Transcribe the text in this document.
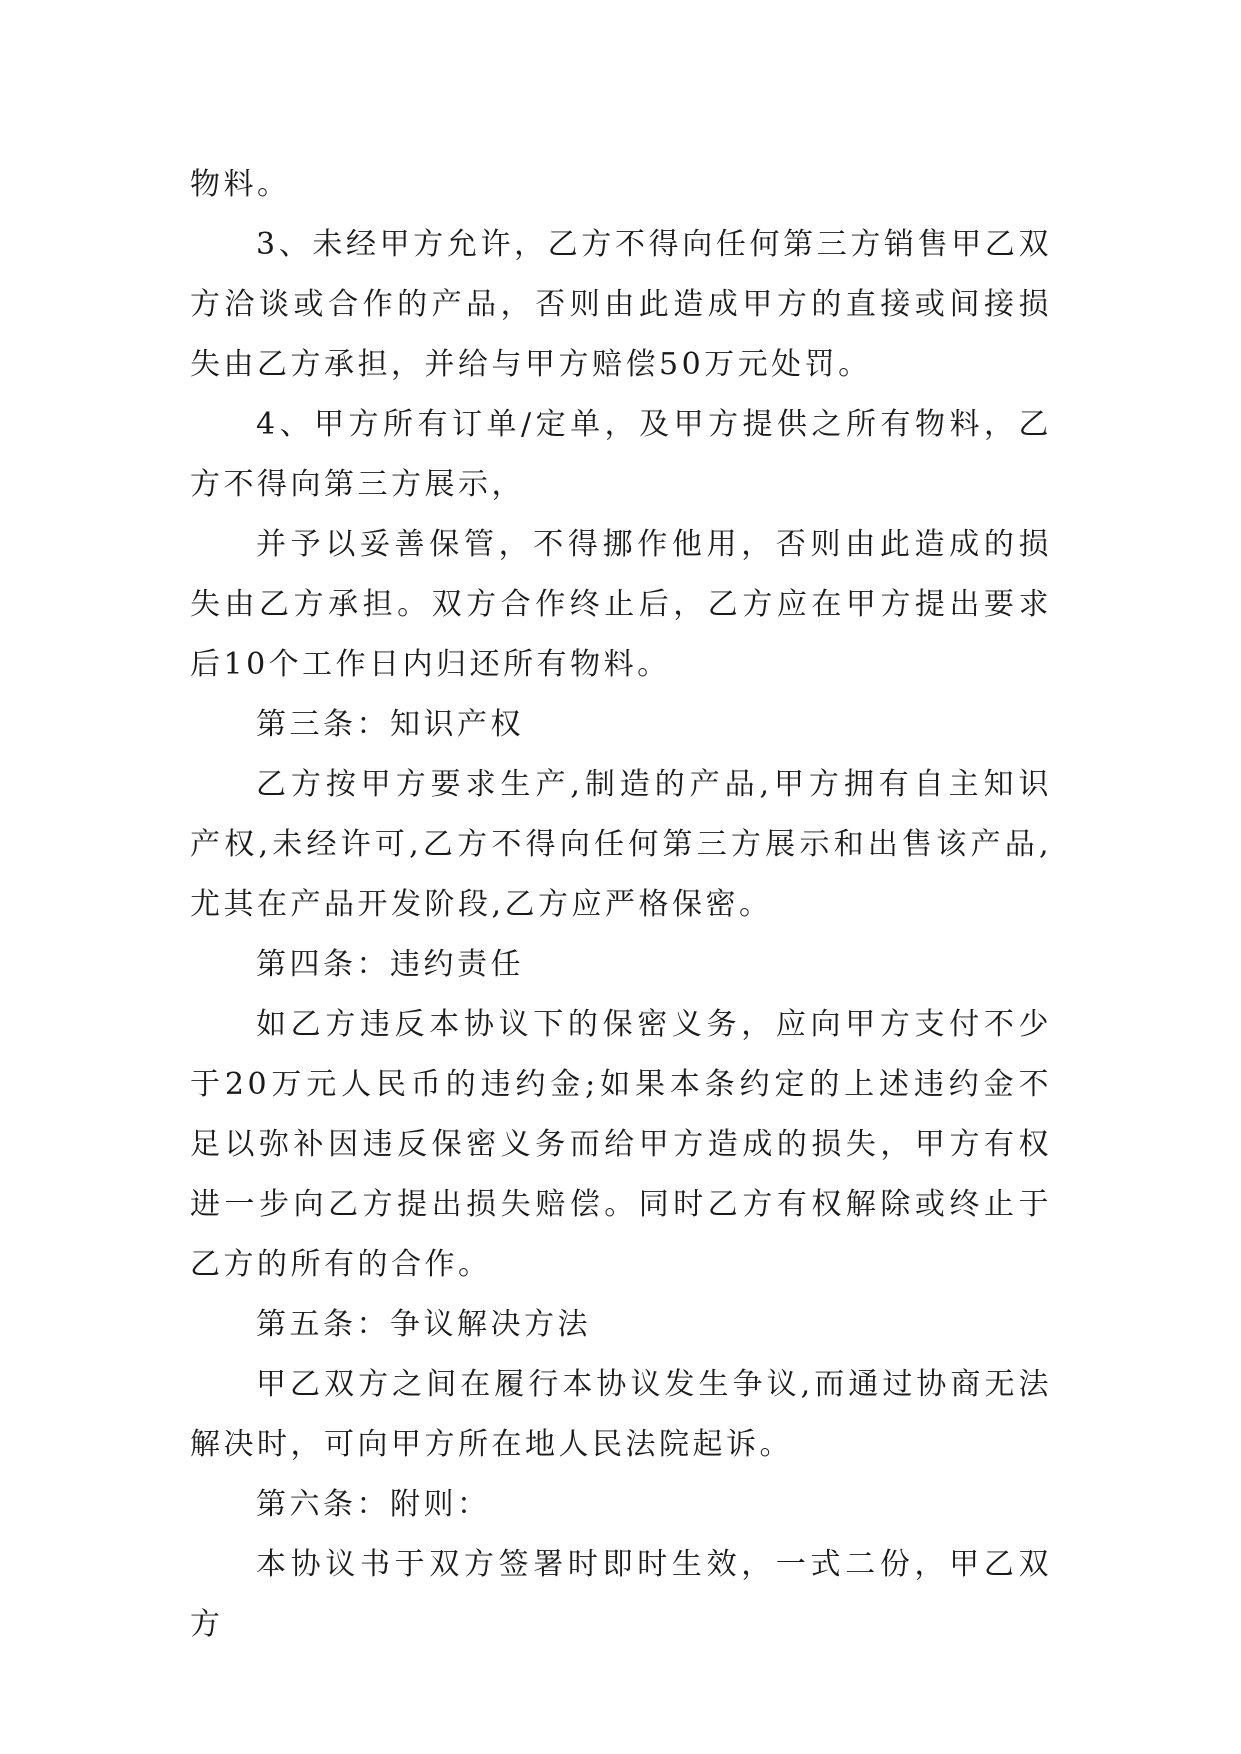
物料。

3、未经甲方允许，乙方不得向任何第三方销售甲乙双方洽谈或合作的产品，否则由此造成甲方的直接或间接损失由乙方承担，并给与甲方赔偿50万元处罚。

4、甲方所有订单/定单，及甲方提供之所有物料，乙方不得向第三方展示，

并予以妥善保管，不得挪作他用，否则由此造成的损失由乙方承担。双方合作终止后，乙方应在甲方提出要求后10个工作日内归还所有物料。

第三条：知识产权

乙方按甲方要求生产,制造的产品,甲方拥有自主知识产权,未经许可,乙方不得向任何第三方展示和出售该产品,尤其在产品开发阶段,乙方应严格保密。

第四条：违约责任

如乙方违反本协议下的保密义务，应向甲方支付不少于20万元人民币的违约金;如果本条约定的上述违约金不足以弥补因违反保密义务而给甲方造成的损失，甲方有权进一步向乙方提出损失赔偿。同时乙方有权解除或终止于乙方的所有的合作。

第五条：争议解决方法

甲乙双方之间在履行本协议发生争议,而通过协商无法解决时，可向甲方所在地人民法院起诉。

第六条：附则：

本协议书于双方签署时即时生效，一式二份，甲乙双方
